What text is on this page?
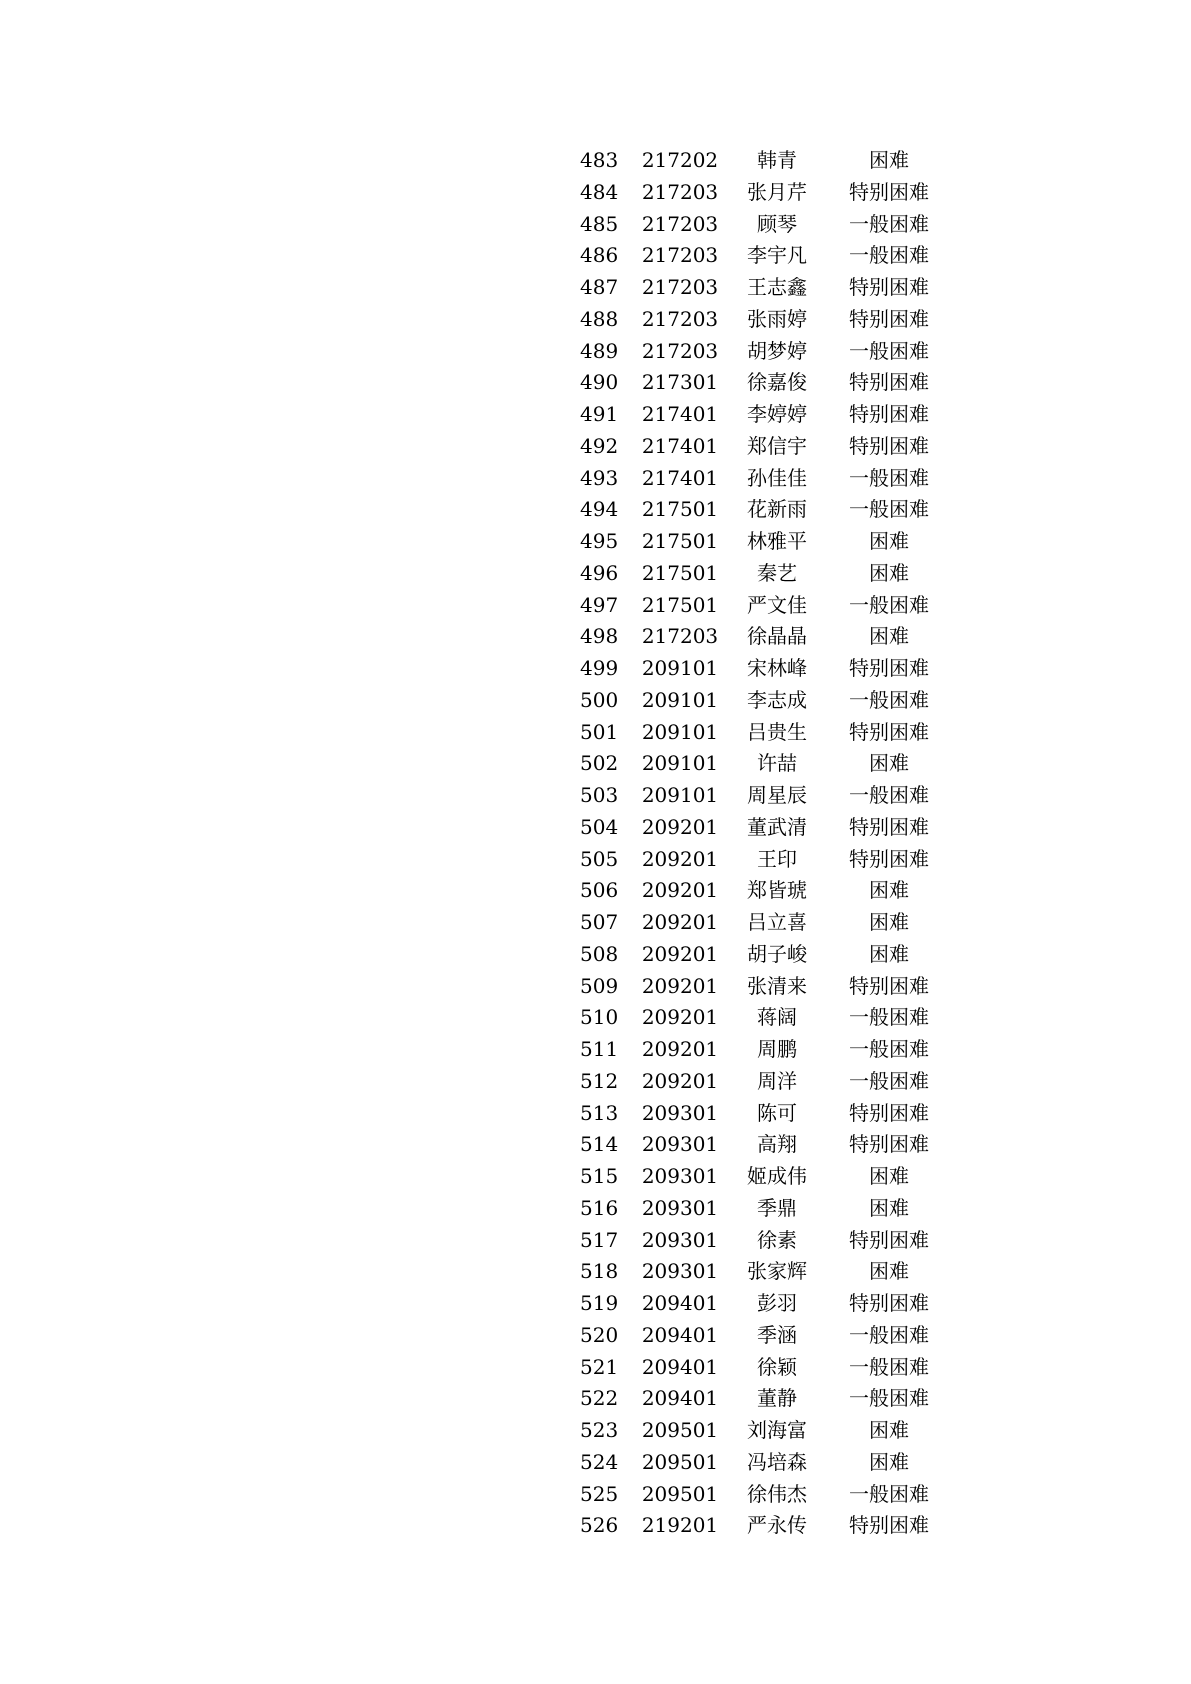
483	217202	韩青	困难
484	217203	张月芹	特别困难
485	217203	顾琴	一般困难
486	217203	李宇凡	一般困难
487	217203	王志鑫	特别困难
488	217203	张雨婷	特别困难
489	217203	胡梦婷	一般困难
490	217301	徐嘉俊	特别困难
491	217401	李婷婷	特别困难
492	217401	郑信宇	特别困难
493	217401	孙佳佳	一般困难
494	217501	花新雨	一般困难
495	217501	林雅平	困难
496	217501	秦艺	困难
497	217501	严文佳	一般困难
498	217203	徐晶晶	困难
499	209101	宋林峰	特别困难
500	209101	李志成	一般困难
501	209101	吕贵生	特别困难
502	209101	许喆	困难
503	209101	周星辰	一般困难
504	209201	董武清	特别困难
505	209201	王印	特别困难
506	209201	郑皆琥	困难
507	209201	吕立喜	困难
508	209201	胡子峻	困难
509	209201	张清来	特别困难
510	209201	蒋阔	一般困难
511	209201	周鹏	一般困难
512	209201	周洋	一般困难
513	209301	陈可	特别困难
514	209301	高翔	特别困难
515	209301	姬成伟	困难
516	209301	季鼎	困难
517	209301	徐素	特别困难
518	209301	张家辉	困难
519	209401	彭羽	特别困难
520	209401	季涵	一般困难
521	209401	徐颖	一般困难
522	209401	董静	一般困难
523	209501	刘海富	困难
524	209501	冯培森	困难
525	209501	徐伟杰	一般困难
526	219201	严永传	特别困难
